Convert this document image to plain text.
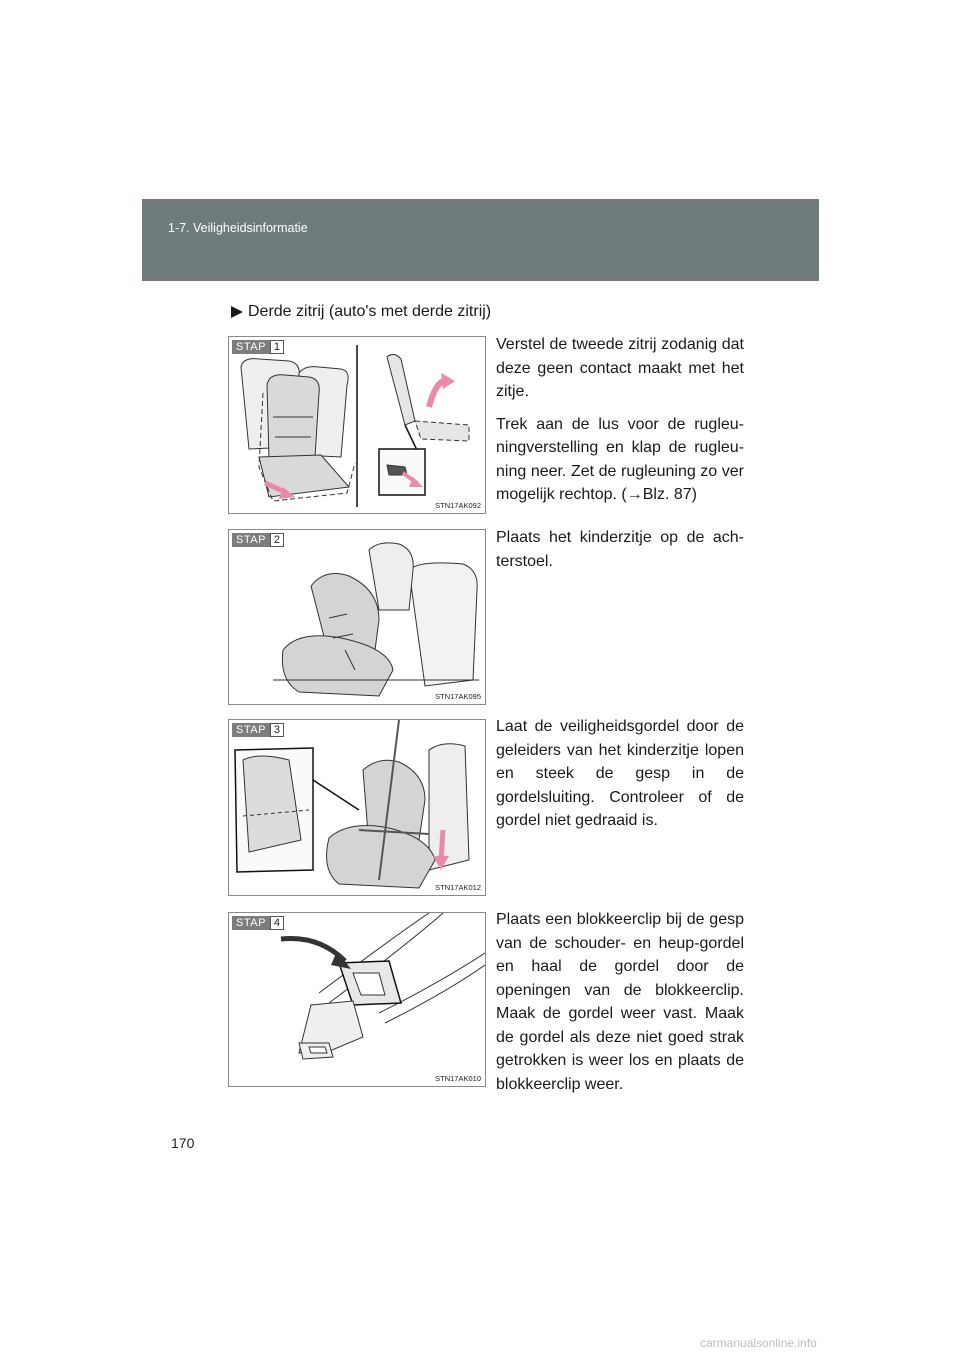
1-7. Veiligheidsinformatie
Derde zitrij (auto's met derde zitrij)
STAP 1
STN17AK092

Verstel de tweede zitrij zodanig dat deze geen contact maakt met het zitje.

Trek aan de lus voor de rugleu-ningverstelling en klap de rugleu-ning neer. Zet de rugleuning zo ver mogelijk rechtop. (→Blz. 87)

STAP 2
STN17AK095

Plaats het kinderzitje op de ach-terstoel.

STAP 3
STN17AK012

Laat de veiligheidsgordel door de geleiders van het kinderzitje lopen en steek de gesp in de gordelsluiting. Controleer of de gordel niet gedraaid is.

STAP 4
STN17AK010

Plaats een blokkeerclip bij de gesp van de schouder- en heup-gordel en haal de gordel door de openingen van de blokkeerclip. Maak de gordel weer vast. Maak de gordel als deze niet goed strak getrokken is weer los en plaats de blokkeerclip weer.

170
carmanualsonline.info
